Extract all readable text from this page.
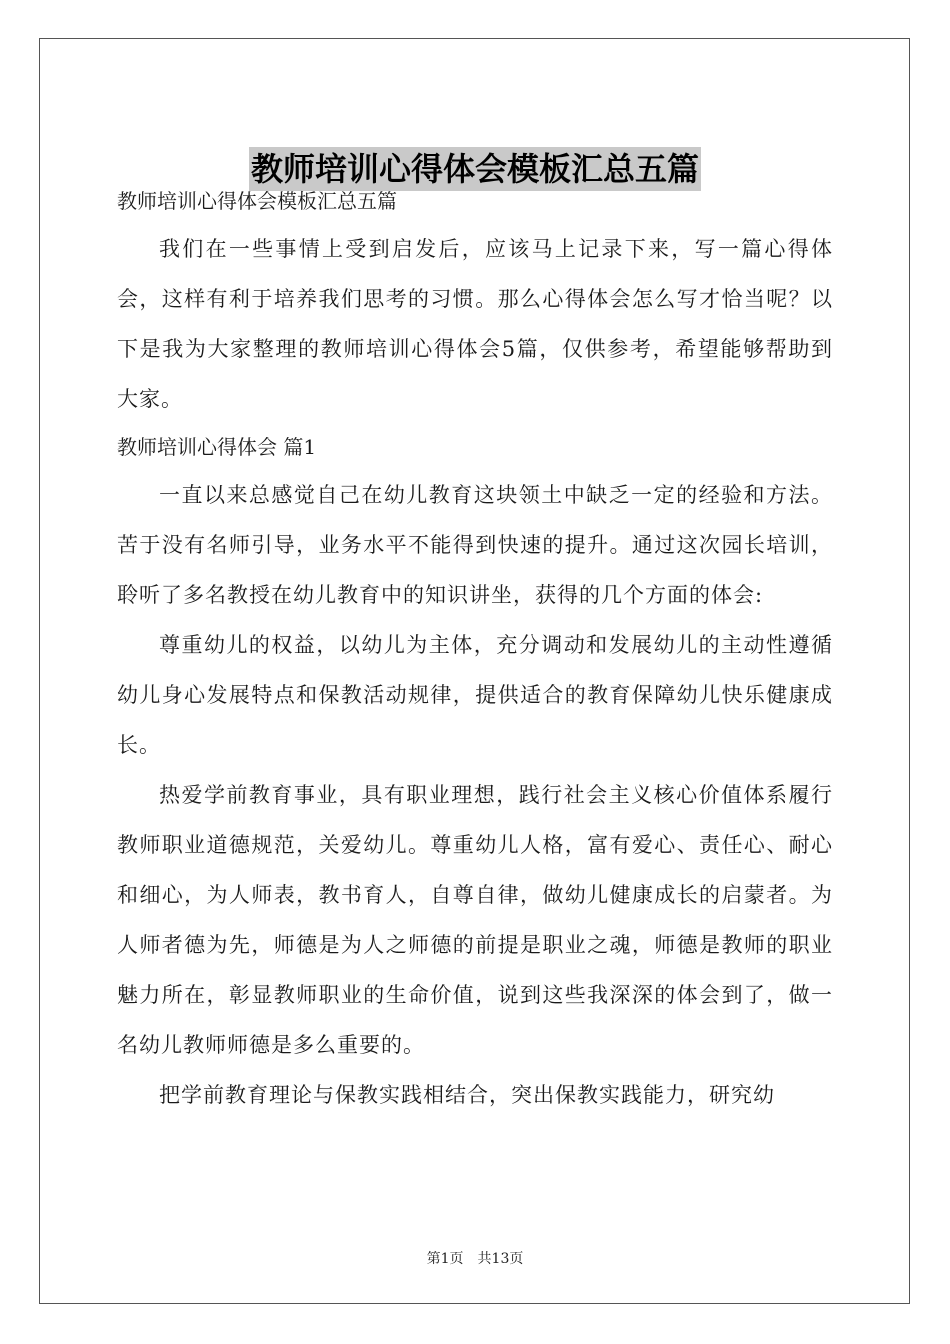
教师培训心得体会模板汇总五篇

教师培训心得体会模板汇总五篇

我们在一些事情上受到启发后，应该马上记录下来，写一篇心得体会，这样有利于培养我们思考的习惯。那么心得体会怎么写才恰当呢？以下是我为大家整理的教师培训心得体会5篇，仅供参考，希望能够帮助到大家。

教师培训心得体会 篇1

一直以来总感觉自己在幼儿教育这块领土中缺乏一定的经验和方法。苦于没有名师引导，业务水平不能得到快速的提升。通过这次园长培训，聆听了多名教授在幼儿教育中的知识讲坐，获得的几个方面的体会:

尊重幼儿的权益，以幼儿为主体，充分调动和发展幼儿的主动性遵循幼儿身心发展特点和保教活动规律，提供适合的教育保障幼儿快乐健康成长。

热爱学前教育事业，具有职业理想，践行社会主义核心价值体系履行教师职业道德规范，关爱幼儿。尊重幼儿人格，富有爱心、责任心、耐心和细心，为人师表，教书育人，自尊自律，做幼儿健康成长的启蒙者。为人师者德为先，师德是为人之师德的前提是职业之魂，师德是教师的职业魅力所在，彰显教师职业的生命价值，说到这些我深深的体会到了，做一名幼儿教师师德是多么重要的。

把学前教育理论与保教实践相结合，突出保教实践能力，研究幼

第1页 共13页
